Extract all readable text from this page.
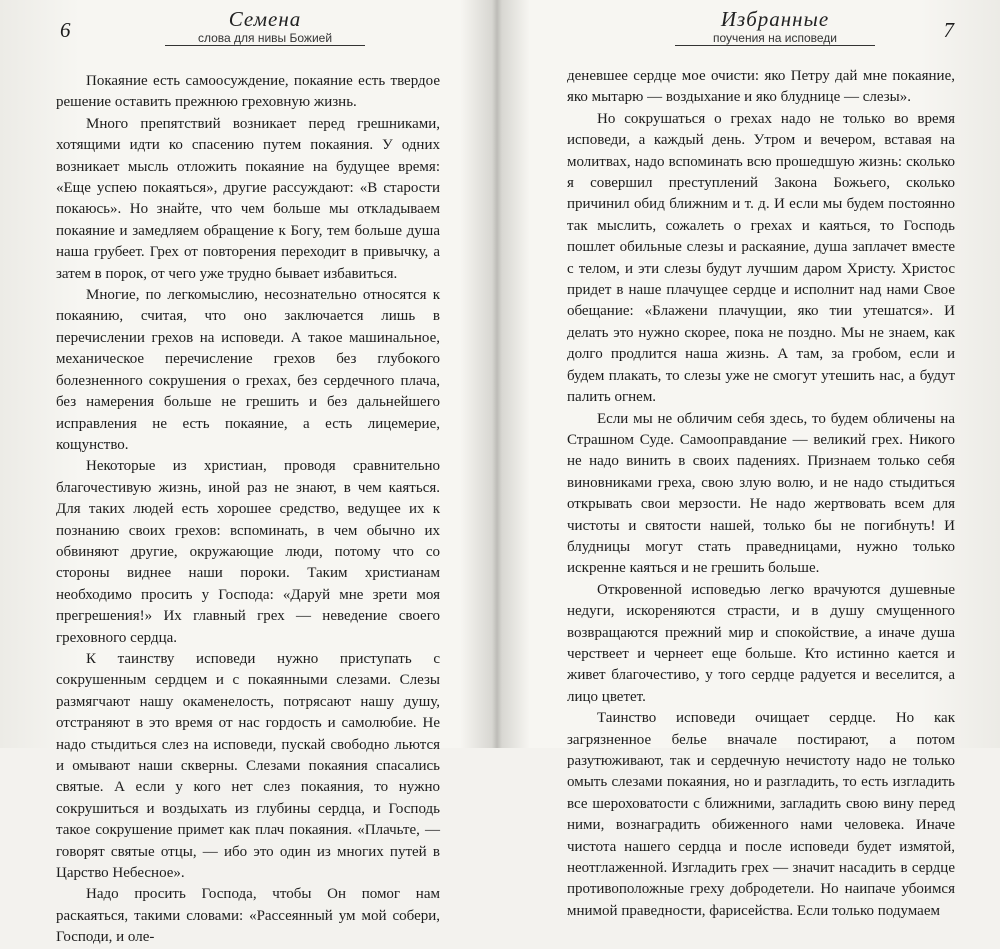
6	Семена
слова для нивы Божией

Покаяние есть самоосуждение, покаяние есть твердое решение оставить прежнюю греховную жизнь.

Много препятствий возникает перед грешниками, хотящими идти ко спасению путем покаяния. У одних возникает мысль отложить покаяние на будущее время: «Еще успею покаяться», другие рассуждают: «В старости покаюсь». Но знайте, что чем больше мы откладываем покаяние и замедляем обращение к Богу, тем больше душа наша грубеет. Грех от повторения переходит в привычку, а затем в порок, от чего уже трудно бывает избавиться.

Многие, по легкомыслию, несознательно относятся к покаянию, считая, что оно заключается лишь в перечислении грехов на исповеди. А такое машинальное, механическое перечисление грехов без глубокого болезненного сокрушения о грехах, без сердечного плача, без намерения больше не грешить и без дальнейшего исправления не есть покаяние, а есть лицемерие, кощунство.

Некоторые из христиан, проводя сравнительно благочестивую жизнь, иной раз не знают, в чем каяться. Для таких людей есть хорошее средство, ведущее их к познанию своих грехов: вспоминать, в чем обычно их обвиняют другие, окружающие люди, потому что со стороны виднее наши пороки. Таким христианам необходимо просить у Господа: «Даруй мне зрети моя прегрешения!» Их главный грех — неведение своего греховного сердца.

К таинству исповеди нужно приступать с сокрушенным сердцем и с покаянными слезами. Слезы размягчают нашу окаменелость, потрясают нашу душу, отстраняют в это время от нас гордость и самолюбие. Не надо стыдиться слез на исповеди, пускай свободно льются и омывают наши скверны. Слезами покаяния спасались святые. А если у кого нет слез покаяния, то нужно сокрушиться и воздыхать из глубины сердца, и Господь такое сокрушение примет как плач покаяния. «Плачьте, — говорят святые отцы, — ибо это один из многих путей в Царство Небесное».

Надо просить Господа, чтобы Он помог нам раскаяться, такими словами: «Рассеянный ум мой собери, Господи, и оле-

Избранные
поучения на исповеди	7

деневшее сердце мое очисти: яко Петру дай мне покаяние, яко мытарю — воздыхание и яко блуднице — слезы».

Но сокрушаться о грехах надо не только во время исповеди, а каждый день. Утром и вечером, вставая на молитвах, надо вспоминать всю прошедшую жизнь: сколько я совершил преступлений Закона Божьего, сколько причинил обид ближним и т. д. И если мы будем постоянно так мыслить, сожалеть о грехах и каяться, то Господь пошлет обильные слезы и раскаяние, душа заплачет вместе с телом, и эти слезы будут лучшим даром Христу. Христос придет в наше плачущее сердце и исполнит над нами Свое обещание: «Блажени плачущии, яко тии утешатся». И делать это нужно скорее, пока не поздно. Мы не знаем, как долго продлится наша жизнь. А там, за гробом, если и будем плакать, то слезы уже не смогут утешить нас, а будут палить огнем.

Если мы не обличим себя здесь, то будем обличены на Страшном Суде. Самооправдание — великий грех. Никого не надо винить в своих падениях. Признаем только себя виновниками греха, свою злую волю, и не надо стыдиться открывать свои мерзости. Не надо жертвовать всем для чистоты и святости нашей, только бы не погибнуть! И блудницы могут стать праведницами, нужно только искренне каяться и не грешить больше.

Откровенной исповедью легко врачуются душевные недуги, искореняются страсти, и в душу смущенного возвращаются прежний мир и спокойствие, а иначе душа черствеет и чернеет еще больше. Кто истинно кается и живет благочестиво, у того сердце радуется и веселится, а лицо цветет.

Таинство исповеди очищает сердце. Но как загрязненное белье вначале постирают, а потом разутюживают, так и сердечную нечистоту надо не только омыть слезами покаяния, но и разгладить, то есть изгладить все шероховатости с ближними, загладить свою вину перед ними, вознаградить обиженного нами человека. Иначе чистота нашего сердца и после исповеди будет измятой, неотглаженной. Изгладить грех — значит насадить в сердце противоположные греху добродетели. Но наипаче убоимся мнимой праведности, фарисейства. Если только подумаем
